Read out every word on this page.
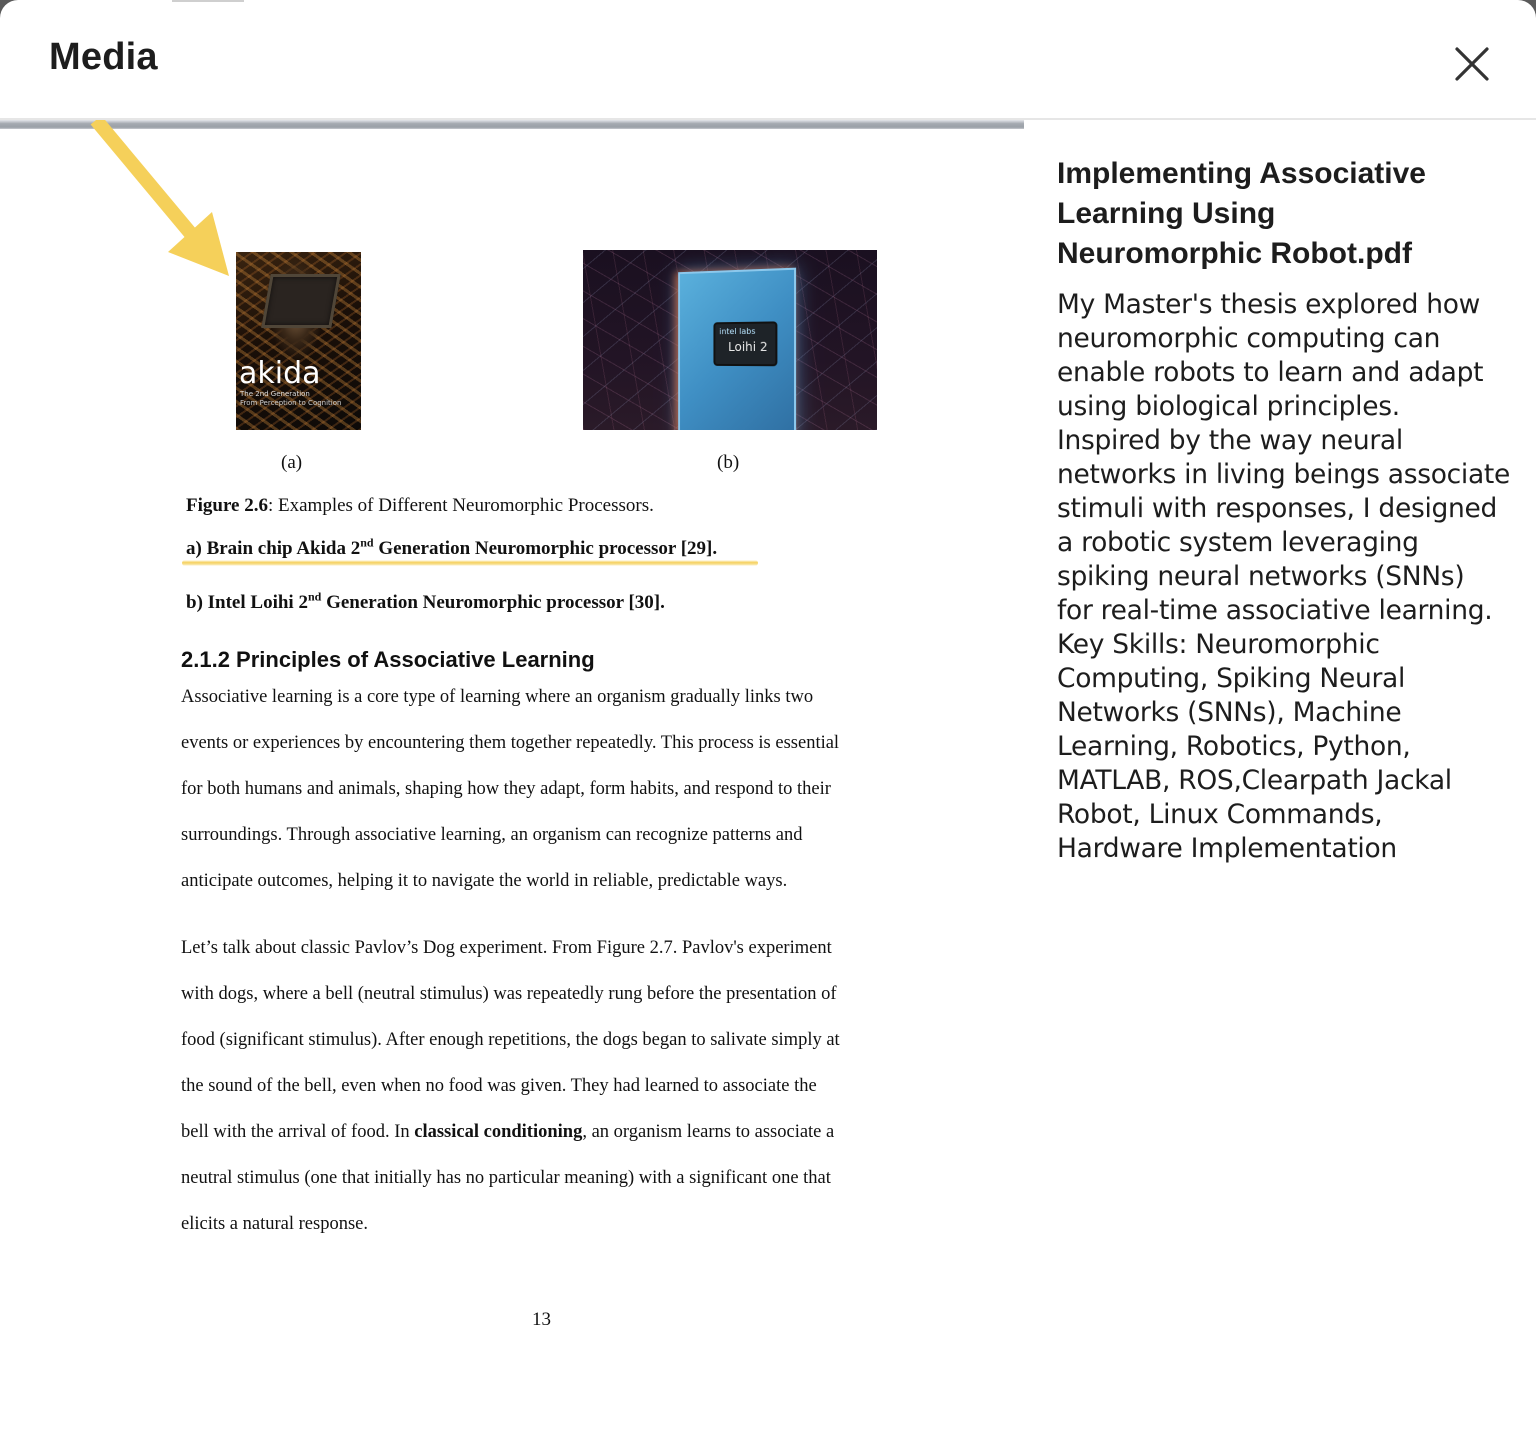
Media
akida
The 2nd Generation
From Perception to Cognition
intel labs
Loihi 2
(a)	(b)
Figure 2.6: Examples of Different Neuromorphic Processors.
a) Brain chip Akida 2nd Generation Neuromorphic processor [29].
b) Intel Loihi 2nd Generation Neuromorphic processor [30].
2.1.2 Principles of Associative Learning
Associative learning is a core type of learning where an organism gradually links two
events or experiences by encountering them together repeatedly. This process is essential
for both humans and animals, shaping how they adapt, form habits, and respond to their
surroundings. Through associative learning, an organism can recognize patterns and
anticipate outcomes, helping it to navigate the world in reliable, predictable ways.
Let’s talk about classic Pavlov’s Dog experiment. From Figure 2.7. Pavlov's experiment
with dogs, where a bell (neutral stimulus) was repeatedly rung before the presentation of
food (significant stimulus). After enough repetitions, the dogs began to salivate simply at
the sound of the bell, even when no food was given. They had learned to associate the
bell with the arrival of food. In classical conditioning, an organism learns to associate a
neutral stimulus (one that initially has no particular meaning) with a significant one that
elicits a natural response.
13
Implementing Associative
Learning Using
Neuromorphic Robot.pdf
My Master's thesis explored how
neuromorphic computing can
enable robots to learn and adapt
using biological principles.
Inspired by the way neural
networks in living beings associate
stimuli with responses, I designed
a robotic system leveraging
spiking neural networks (SNNs)
for real-time associative learning.
Key Skills: Neuromorphic
Computing, Spiking Neural
Networks (SNNs), Machine
Learning, Robotics, Python,
MATLAB, ROS,Clearpath Jackal
Robot, Linux Commands,
Hardware Implementation
